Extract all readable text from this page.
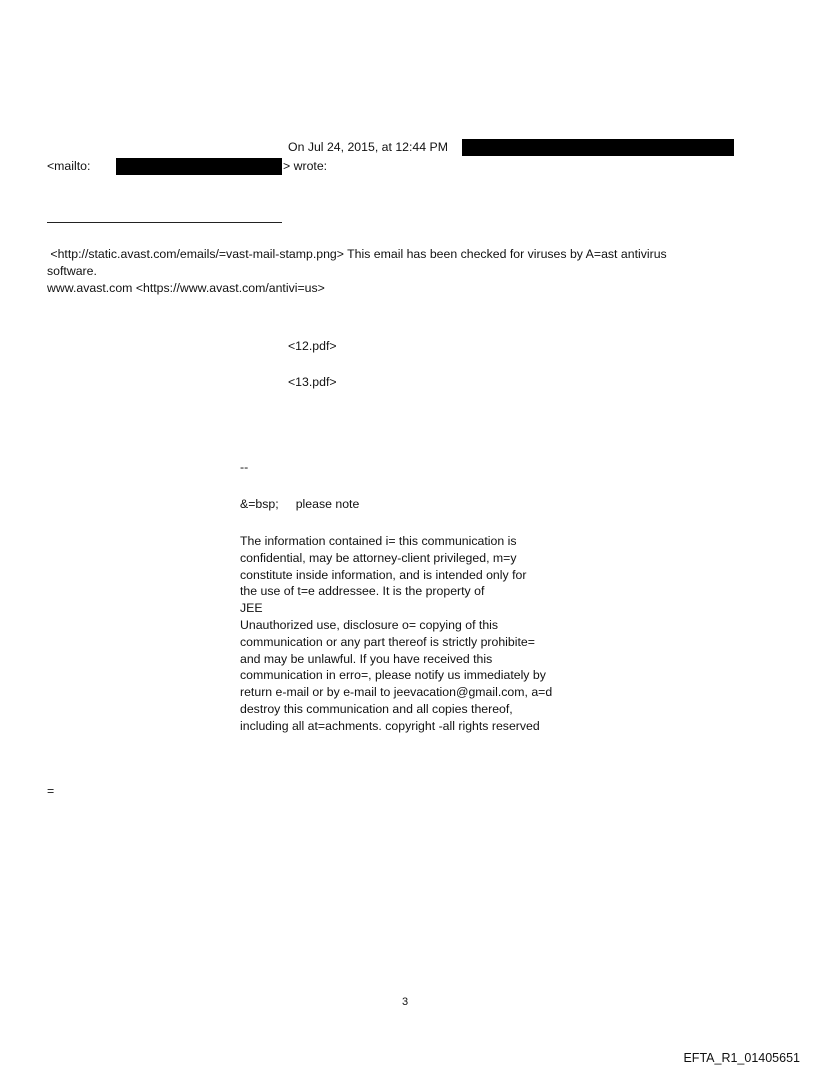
On Jul 24, 2015, at 12:44 PM
<mailto:	> wrote:
<http://static.avast.com/emails/=vast-mail-stamp.png> This email has been checked for viruses by A=ast antivirus
software.
www.avast.com <https://www.avast.com/antivi=us>
<12.pdf>
<13.pdf>
--
&=bsp;     please note
The information contained i= this communication is
confidential, may be attorney-client privileged, m=y
constitute inside information, and is intended only for
the use of t=e addressee. It is the property of
JEE
Unauthorized use, disclosure o= copying of this
communication or any part thereof is strictly prohibite=
and may be unlawful. If you have received this
communication in erro=, please notify us immediately by
return e-mail or by e-mail to jeevacation@gmail.com, a=d
destroy this communication and all copies thereof,
including all at=achments. copyright -all rights reserved
=
3
EFTA_R1_01405651
